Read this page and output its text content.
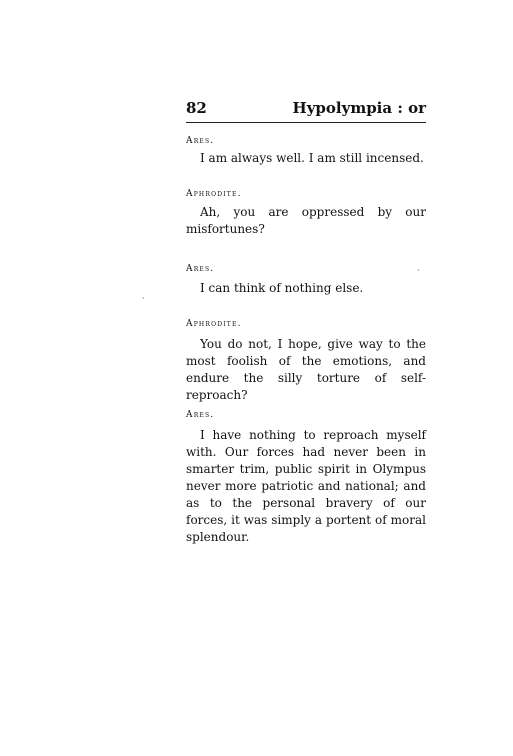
82	Hypolympia : or
Ares.

I am always well. I am still incensed.

Aphrodite.

Ah, you are oppressed by our misfortunes?

Ares.

I can think of nothing else.

Aphrodite.

You do not, I hope, give way to the most foolish of the emotions, and endure the silly torture of self-reproach?

Ares.

I have nothing to reproach myself with. Our forces had never been in smarter trim, public spirit in Olympus never more patriotic and national; and as to the personal bravery of our forces, it was simply a portent of moral splendour.

·
·
